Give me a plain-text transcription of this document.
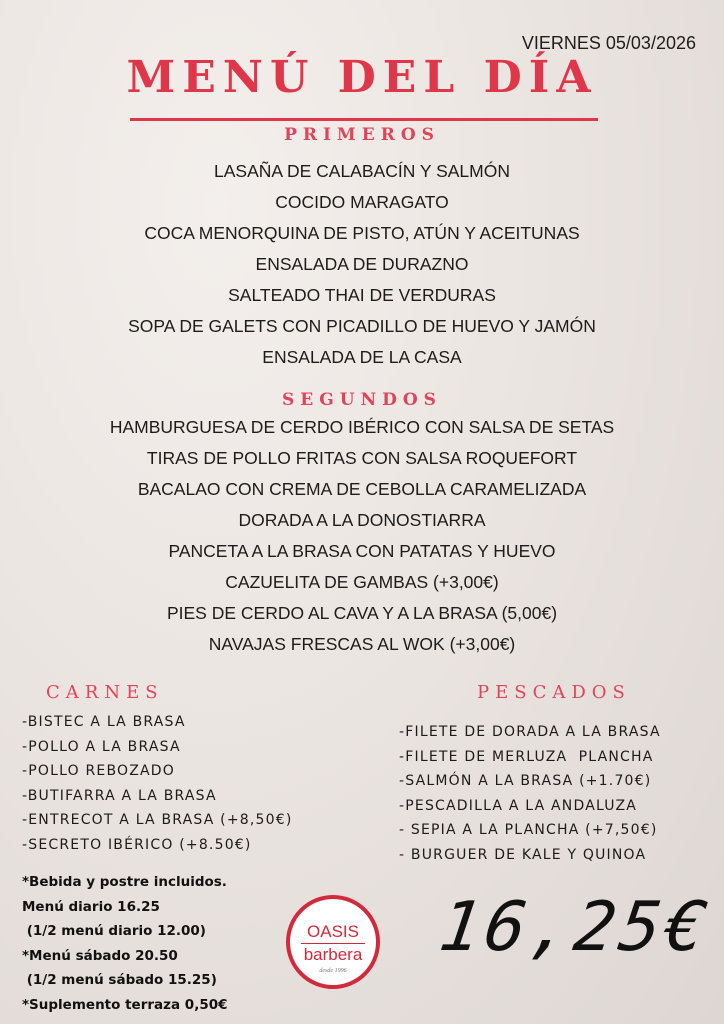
VIERNES 05/03/2026
MENÚ DEL DÍA
PRIMEROS
LASAÑA DE CALABACÍN Y SALMÓN
COCIDO MARAGATO
COCA MENORQUINA DE PISTO, ATÚN Y ACEITUNAS
ENSALADA DE DURAZNO
SALTEADO THAI DE VERDURAS
SOPA DE GALETS CON PICADILLO DE HUEVO Y JAMÓN
ENSALADA DE LA CASA
SEGUNDOS
HAMBURGUESA DE CERDO IBÉRICO CON SALSA DE SETAS
TIRAS DE POLLO FRITAS CON SALSA ROQUEFORT
BACALAO CON CREMA DE CEBOLLA CARAMELIZADA
DORADA A LA DONOSTIARRA
PANCETA A LA BRASA CON PATATAS Y HUEVO
CAZUELITA DE GAMBAS (+3,00€)
PIES DE CERDO AL CAVA Y A LA BRASA (5,00€)
NAVAJAS FRESCAS AL WOK (+3,00€)
CARNES
-BISTEC A LA BRASA
-POLLO A LA BRASA
-POLLO REBOZADO
-BUTIFARRA A LA BRASA
-ENTRECOT A LA BRASA (+8,50€)
-SECRETO IBÉRICO (+8.50€)
PESCADOS
-FILETE DE DORADA A LA BRASA
-FILETE DE MERLUZA  PLANCHA
-SALMÓN A LA BRASA (+1.70€)
-PESCADILLA A LA ANDALUZA
- SEPIA A LA PLANCHA (+7,50€)
- BURGUER DE KALE Y QUINOA
*Bebida y postre incluidos.
Menú diario 16.25
(1/2 menú diario 12.00)
*Menú sábado 20.50
(1/2 menú sábado 15.25)
*Suplemento terraza 0,50€
OASIS
barbera
desde 1996
16,25€
